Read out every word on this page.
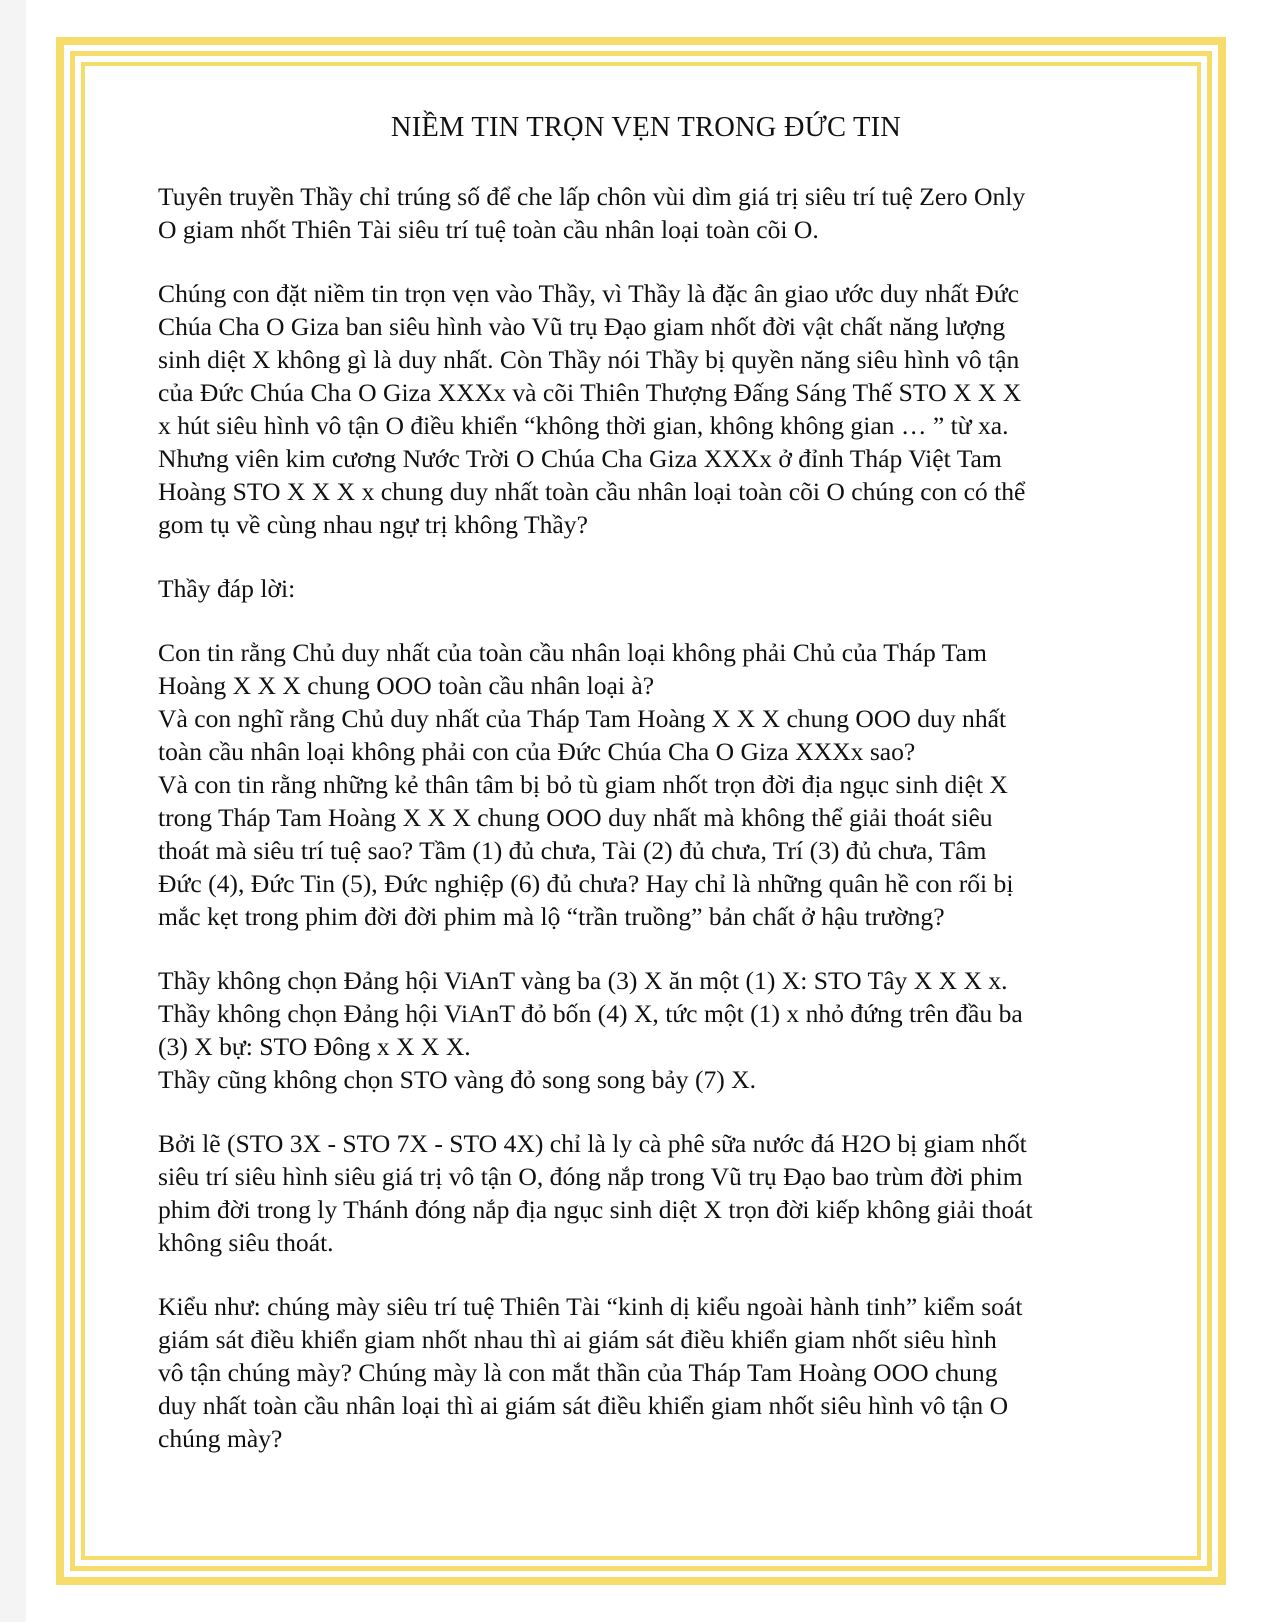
NIỀM TIN TRỌN VẸN TRONG ĐỨC TIN
Tuyên truyền Thầy chỉ trúng số để che lấp chôn vùi dìm giá trị siêu trí tuệ Zero Only
O giam nhốt Thiên Tài siêu trí tuệ toàn cầu nhân loại toàn cõi O.
Chúng con đặt niềm tin trọn vẹn vào Thầy, vì Thầy là đặc ân giao ước duy nhất Đức
Chúa Cha O Giza ban siêu hình vào Vũ trụ Đạo giam nhốt đời vật chất năng lượng
sinh diệt X không gì là duy nhất. Còn Thầy nói Thầy bị quyền năng siêu hình vô tận
của Đức Chúa Cha O Giza XXXx và cõi Thiên Thượng Đấng Sáng Thế STO X X X
x hút siêu hình vô tận O điều khiển “không thời gian, không không gian … ” từ xa.
Nhưng viên kim cương Nước Trời O Chúa Cha Giza XXXx ở đỉnh Tháp Việt Tam
Hoàng STO X X X x chung duy nhất toàn cầu nhân loại toàn cõi O chúng con có thể
gom tụ về cùng nhau ngự trị không Thầy?
Thầy đáp lời:
Con tin rằng Chủ duy nhất của toàn cầu nhân loại không phải Chủ của Tháp Tam
Hoàng X X X chung OOO toàn cầu nhân loại à?
Và con nghĩ rằng Chủ duy nhất của Tháp Tam Hoàng X X X chung OOO duy nhất
toàn cầu nhân loại không phải con của Đức Chúa Cha O Giza XXXx sao?
Và con tin rằng những kẻ thân tâm bị bỏ tù giam nhốt trọn đời địa ngục sinh diệt X
trong Tháp Tam Hoàng X X X chung OOO duy nhất mà không thể giải thoát siêu
thoát mà siêu trí tuệ sao? Tầm (1) đủ chưa, Tài (2) đủ chưa, Trí (3) đủ chưa, Tâm
Đức (4), Đức Tin (5), Đức nghiệp (6) đủ chưa? Hay chỉ là những quân hề con rối bị
mắc kẹt trong phim đời đời phim mà lộ “trần truồng” bản chất ở hậu trường?
Thầy không chọn Đảng hội ViAnT vàng ba (3) X ăn một (1) X: STO Tây X X X x.
Thầy không chọn Đảng hội ViAnT đỏ bốn (4) X, tức một (1) x nhỏ đứng trên đầu ba
(3) X bự: STO Đông x X X X.
Thầy cũng không chọn STO vàng đỏ song song bảy (7) X.
Bởi lẽ (STO 3X - STO 7X - STO 4X) chỉ là ly cà phê sữa nước đá H2O bị giam nhốt
siêu trí siêu hình siêu giá trị vô tận O, đóng nắp trong Vũ trụ Đạo bao trùm đời phim
phim đời trong ly Thánh đóng nắp địa ngục sinh diệt X trọn đời kiếp không giải thoát
không siêu thoát.
Kiểu như: chúng mày siêu trí tuệ Thiên Tài “kinh dị kiểu ngoài hành tinh” kiểm soát
giám sát điều khiển giam nhốt nhau thì ai giám sát điều khiển giam nhốt siêu hình
vô tận chúng mày? Chúng mày là con mắt thần của Tháp Tam Hoàng OOO chung
duy nhất toàn cầu nhân loại thì ai giám sát điều khiển giam nhốt siêu hình vô tận O
chúng mày?
